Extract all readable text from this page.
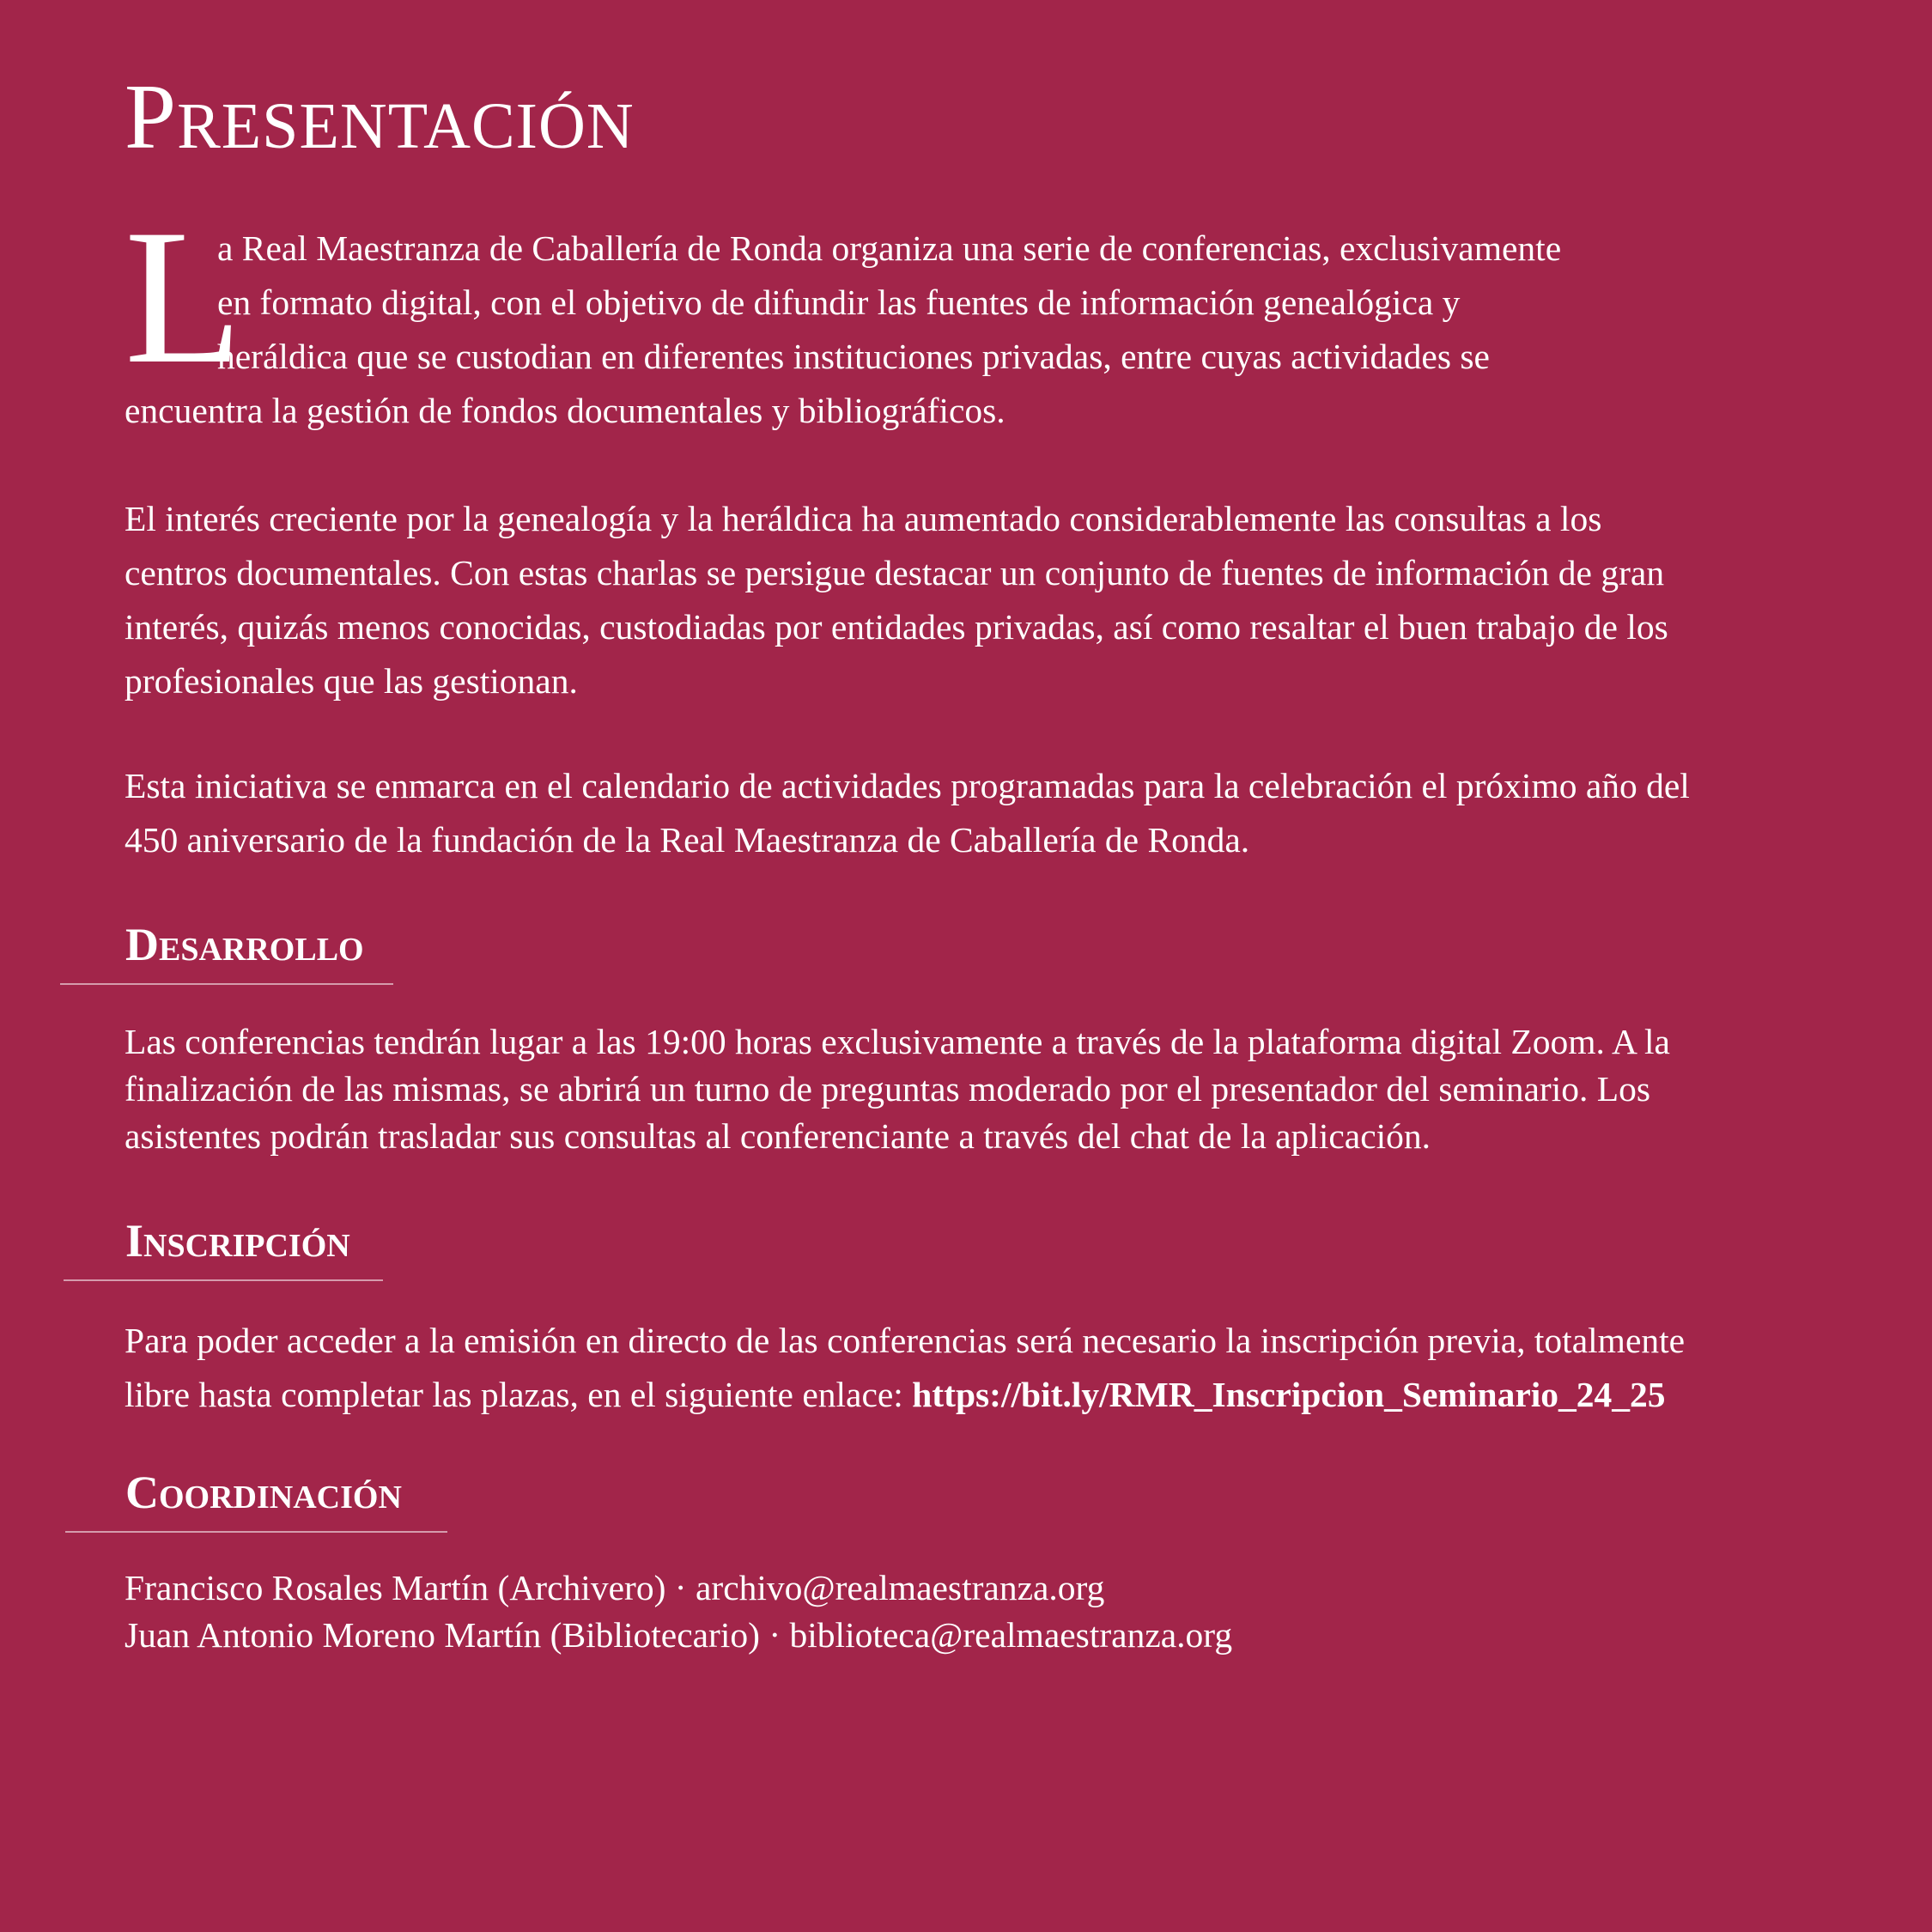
Presentación
L

a Real Maestranza de Caballería de Ronda organiza una serie de conferencias, exclusivamente
en formato digital, con el objetivo de difundir las fuentes de información genealógica y
heráldica que se custodian en diferentes instituciones privadas, entre cuyas actividades se
encuentra la gestión de fondos documentales y bibliográficos.

El interés creciente por la genealogía y la heráldica ha aumentado considerablemente las consultas a los
centros documentales. Con estas charlas se persigue destacar un conjunto de fuentes de información de gran
interés, quizás menos conocidas, custodiadas por entidades privadas, así como resaltar el buen trabajo de los
profesionales que las gestionan.

Esta iniciativa se enmarca en el calendario de actividades programadas para la celebración el próximo año del
450 aniversario de la fundación de la Real Maestranza de Caballería de Ronda.

Desarrollo

Las conferencias tendrán lugar a las 19:00 horas exclusivamente a través de la plataforma digital Zoom. A la
finalización de las mismas, se abrirá un turno de preguntas moderado por el presentador del seminario. Los
asistentes podrán trasladar sus consultas al conferenciante a través del chat de la aplicación.

Inscripción

Para poder acceder a la emisión en directo de las conferencias será necesario la inscripción previa, totalmente
libre hasta completar las plazas, en el siguiente enlace: https://bit.ly/RMR_Inscripcion_Seminario_24_25

Coordinación

Francisco Rosales Martín (Archivero) · archivo@realmaestranza.org
Juan Antonio Moreno Martín (Bibliotecario) · biblioteca@realmaestranza.org
